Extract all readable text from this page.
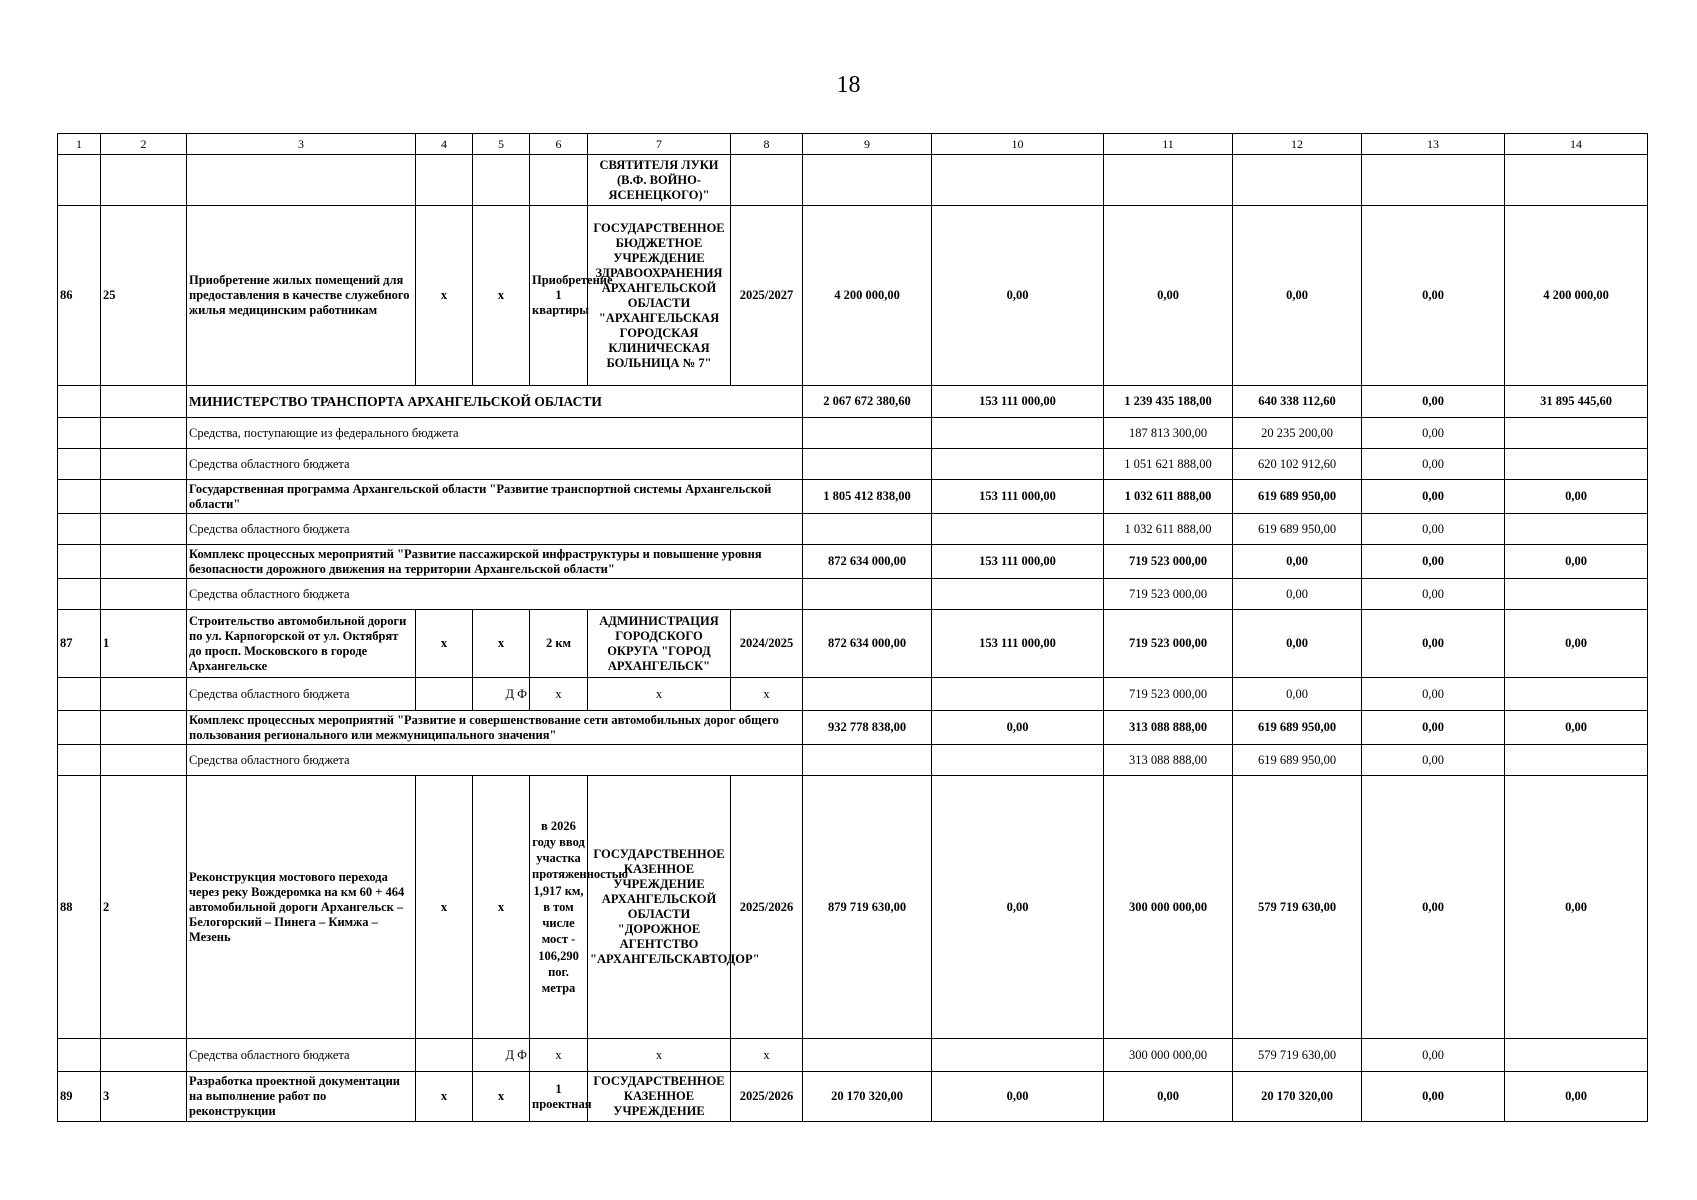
18
1	2	3	4	5	6	7	8	9	10	11	12	13	14
						СВЯТИТЕЛЯ ЛУКИ (В.Ф. ВОЙНО-ЯСЕНЕЦКОГО)"							
86	25	Приобретение жилых помещений для предоставления в качестве служебного жилья медицинским работникам	х	х	Приобретение 1 квартиры	ГОСУДАРСТВЕННОЕ БЮДЖЕТНОЕ УЧРЕЖДЕНИЕ ЗДРАВООХРАНЕНИЯ АРХАНГЕЛЬСКОЙ ОБЛАСТИ "АРХАНГЕЛЬСКАЯ ГОРОДСКАЯ КЛИНИЧЕСКАЯ БОЛЬНИЦА № 7"	2025/2027	4 200 000,00	0,00	0,00	0,00	0,00	4 200 000,00
		МИНИСТЕРСТВО ТРАНСПОРТА АРХАНГЕЛЬСКОЙ ОБЛАСТИ						2 067 672 380,60	153 111 000,00	1 239 435 188,00	640 338 112,60	0,00	31 895 445,60
		Средства, поступающие из федерального бюджета								187 813 300,00	20 235 200,00	0,00	
		Средства областного бюджета								1 051 621 888,00	620 102 912,60	0,00	
		Государственная программа Архангельской области "Развитие транспортной системы Архангельской области"						1 805 412 838,00	153 111 000,00	1 032 611 888,00	619 689 950,00	0,00	0,00
		Средства областного бюджета								1 032 611 888,00	619 689 950,00	0,00	
		Комплекс процессных мероприятий "Развитие пассажирской инфраструктуры и повышение уровня безопасности дорожного движения на территории Архангельской области"						872 634 000,00	153 111 000,00	719 523 000,00	0,00	0,00	0,00
		Средства областного бюджета								719 523 000,00	0,00	0,00	
87	1	Строительство автомобильной дороги по ул. Карпогорской от ул. Октябрят до просп. Московского в городе Архангельске	х	х	2 км	АДМИНИСТРАЦИЯ ГОРОДСКОГО ОКРУГА "ГОРОД АРХАНГЕЛЬСК"	2024/2025	872 634 000,00	153 111 000,00	719 523 000,00	0,00	0,00	0,00
		Средства областного бюджета		Д Ф	х	х	х			719 523 000,00	0,00	0,00	
		Комплекс процессных мероприятий "Развитие и совершенствование сети автомобильных дорог общего пользования регионального или межмуниципального значения"						932 778 838,00	0,00	313 088 888,00	619 689 950,00	0,00	0,00
		Средства областного бюджета								313 088 888,00	619 689 950,00	0,00	
88	2	Реконструкция мостового перехода через реку Вождеромка на км 60 + 464 автомобильной дороги Архангельск – Белогорский – Пинега – Кимжа – Мезень	х	х	в 2026 году ввод участка протяженностью 1,917 км, в том числе мост - 106,290 пог. метра	ГОСУДАРСТВЕННОЕ КАЗЕННОЕ УЧРЕЖДЕНИЕ АРХАНГЕЛЬСКОЙ ОБЛАСТИ "ДОРОЖНОЕ АГЕНТСТВО "АРХАНГЕЛЬСКАВТОДОР"	2025/2026	879 719 630,00	0,00	300 000 000,00	579 719 630,00	0,00	0,00
		Средства областного бюджета		Д Ф	х	х	х			300 000 000,00	579 719 630,00	0,00	
89	3	Разработка проектной документации на выполнение работ по реконструкции	х	х	1 проектная	ГОСУДАРСТВЕННОЕ КАЗЕННОЕ УЧРЕЖДЕНИЕ	2025/2026	20 170 320,00	0,00	0,00	20 170 320,00	0,00	0,00
